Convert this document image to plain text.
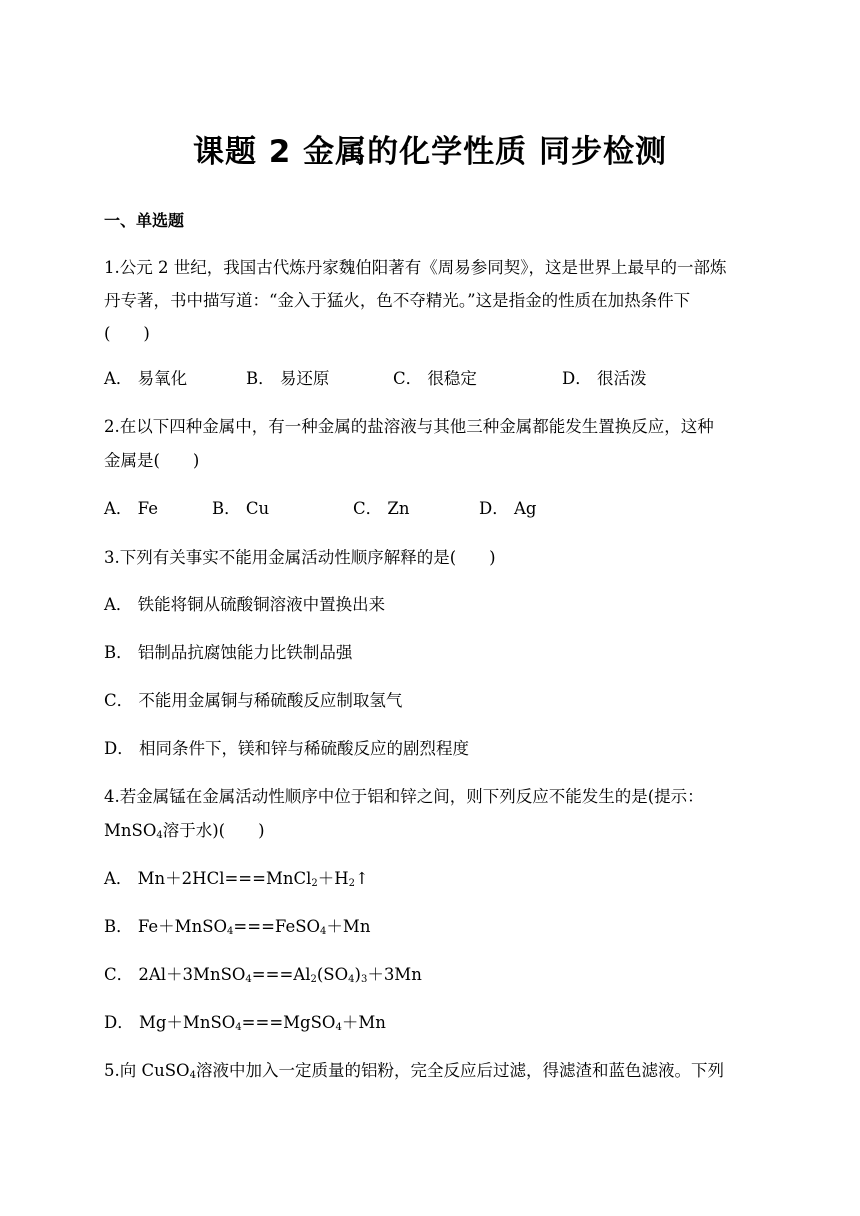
课题 2 金属的化学性质 同步检测
一、单选题
1.公元 2 世纪，我国古代炼丹家魏伯阳著有《周易参同契》，这是世界上最早的一部炼
丹专著，书中描写道：“金入于猛火，色不夺精光。”这是指金的性质在加热条件下
(　　)
A． 易氧化	B． 易还原	C． 很稳定	D． 很活泼
2.在以下四种金属中，有一种金属的盐溶液与其他三种金属都能发生置换反应，这种
金属是(　　)
A． Fe	B． Cu	C． Zn	D． Ag
3.下列有关事实不能用金属活动性顺序解释的是(　　)
A． 铁能将铜从硫酸铜溶液中置换出来
B． 铝制品抗腐蚀能力比铁制品强
C． 不能用金属铜与稀硫酸反应制取氢气
D． 相同条件下，镁和锌与稀硫酸反应的剧烈程度
4.若金属锰在金属活动性顺序中位于铝和锌之间，则下列反应不能发生的是(提示：
MnSO$_4$溶于水)(　　)
A． $Mn+2HCl===MnCl_2+H_2↑$
B． Fe＋MnSO$_4$===FeSO$_4$＋Mn
C． $2Al+3MnSO_4===Al_2(SO_4)_3+3Mn$
D． Mg＋MnSO$_4$===MgSO$_4$＋Mn
5.向 CuSO$_4$溶液中加入一定质量的铝粉，完全反应后过滤，得滤渣和蓝色滤液。下列
